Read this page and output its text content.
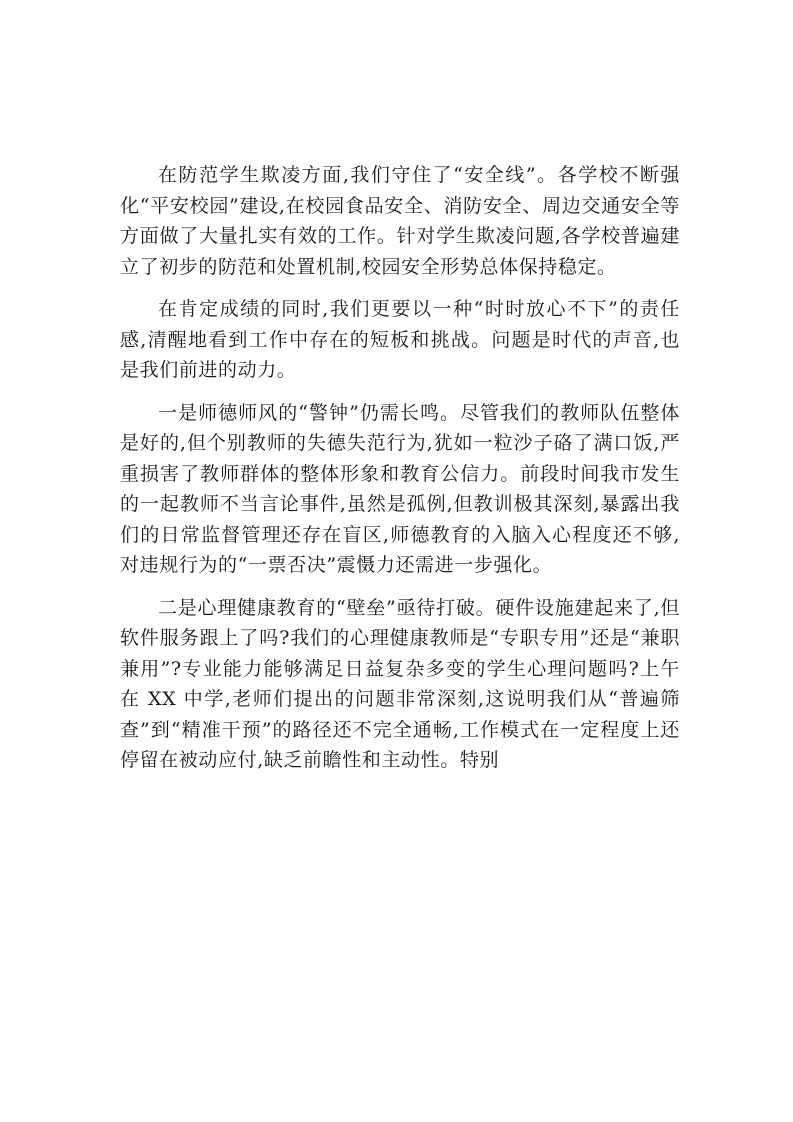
在防范学生欺凌方面,我们守住了“安全线”。各学校不断强化“平安校园”建设,在校园食品安全、消防安全、周边交通安全等方面做了大量扎实有效的工作。针对学生欺凌问题,各学校普遍建立了初步的防范和处置机制,校园安全形势总体保持稳定。

在肯定成绩的同时,我们更要以一种“时时放心不下”的责任感,清醒地看到工作中存在的短板和挑战。问题是时代的声音,也是我们前进的动力。

一是师德师风的“警钟”仍需长鸣。尽管我们的教师队伍整体是好的,但个别教师的失德失范行为,犹如一粒沙子硌了满口饭,严重损害了教师群体的整体形象和教育公信力。前段时间我市发生的一起教师不当言论事件,虽然是孤例,但教训极其深刻,暴露出我们的日常监督管理还存在盲区,师德教育的入脑入心程度还不够,对违规行为的“一票否决”震慑力还需进一步强化。

二是心理健康教育的“壁垒”亟待打破。硬件设施建起来了,但软件服务跟上了吗?我们的心理健康教师是“专职专用”还是“兼职兼用”?专业能力能够满足日益复杂多变的学生心理问题吗?上午在 XX 中学,老师们提出的问题非常深刻,这说明我们从“普遍筛查”到“精准干预”的路径还不完全通畅,工作模式在一定程度上还停留在被动应付,缺乏前瞻性和主动性。特别
